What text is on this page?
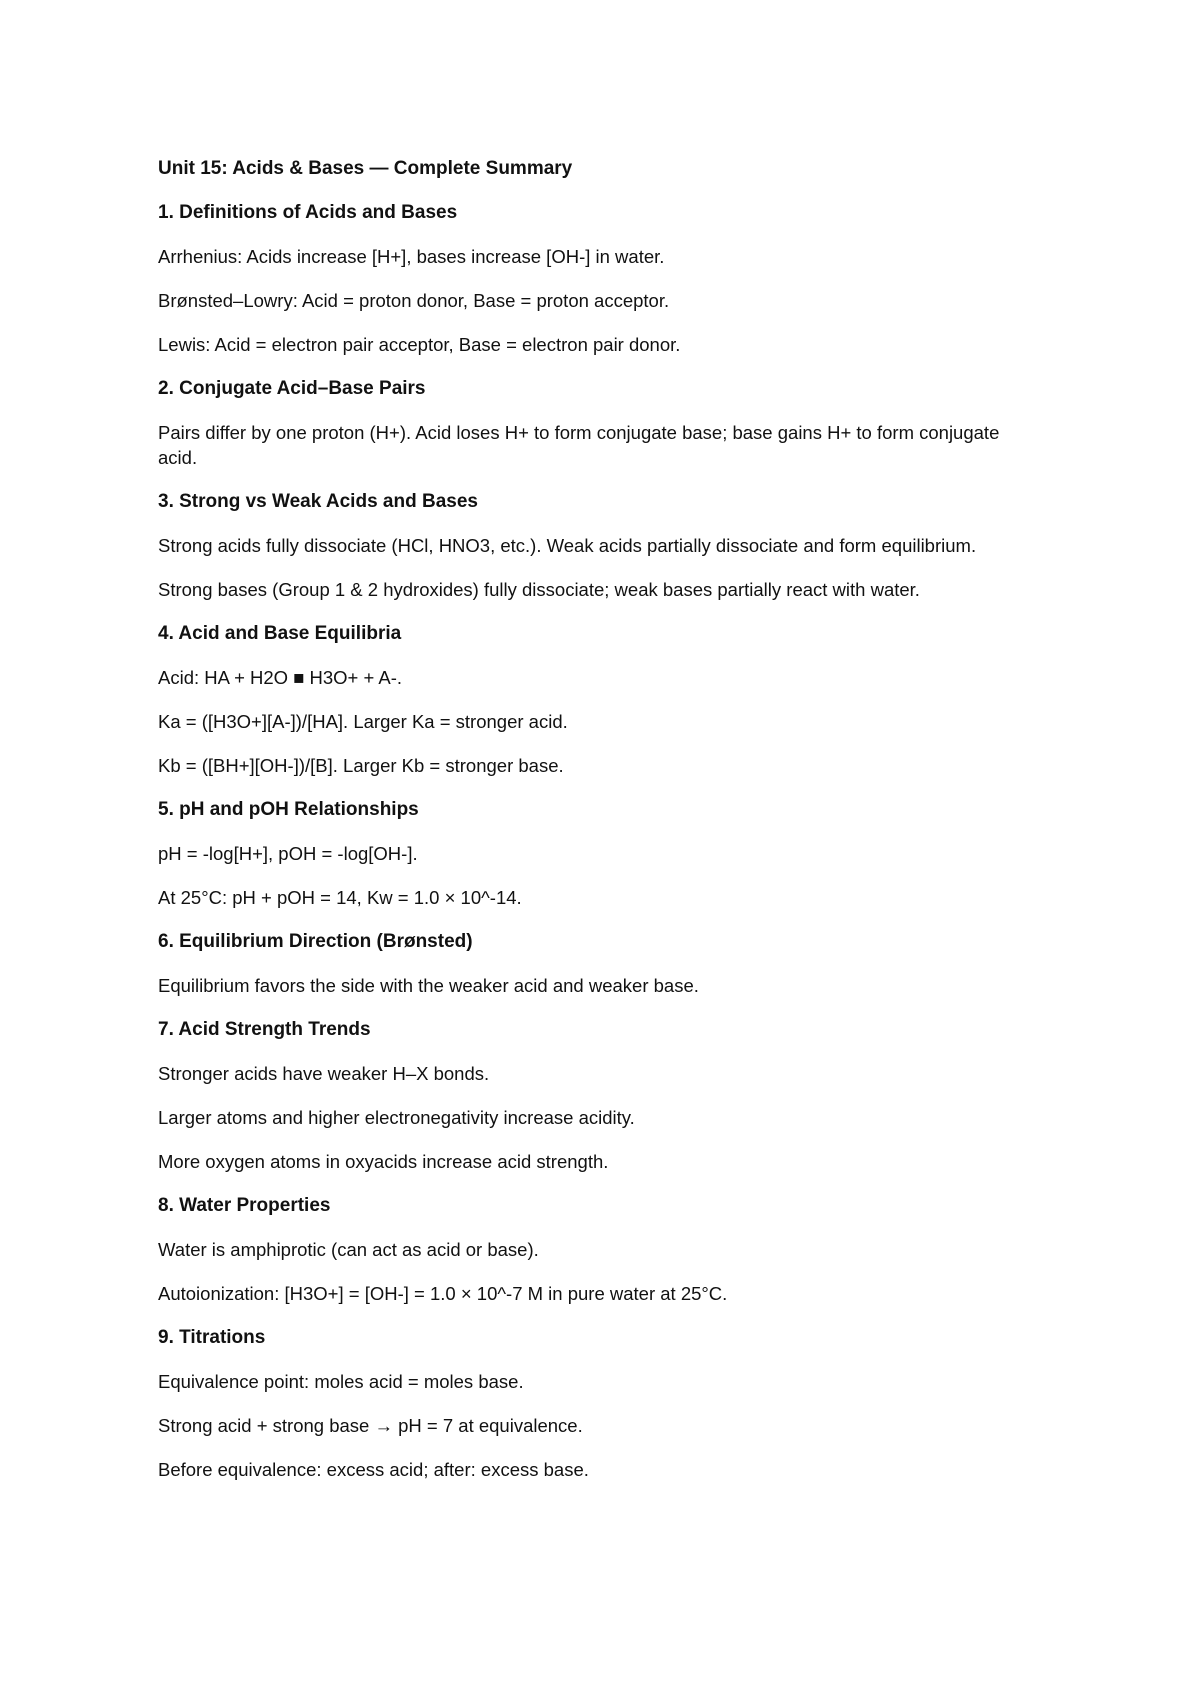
Unit 15: Acids & Bases — Complete Summary
1. Definitions of Acids and Bases
Arrhenius: Acids increase [H+], bases increase [OH-] in water.
Brønsted–Lowry: Acid = proton donor, Base = proton acceptor.
Lewis: Acid = electron pair acceptor, Base = electron pair donor.
2. Conjugate Acid–Base Pairs
Pairs differ by one proton (H+). Acid loses H+ to form conjugate base; base gains H+ to form conjugate acid.
3. Strong vs Weak Acids and Bases
Strong acids fully dissociate (HCl, HNO3, etc.). Weak acids partially dissociate and form equilibrium.
Strong bases (Group 1 & 2 hydroxides) fully dissociate; weak bases partially react with water.
4. Acid and Base Equilibria
Acid: HA + H2O ■ H3O+ + A-.
Ka = ([H3O+][A-])/[HA]. Larger Ka = stronger acid.
Kb = ([BH+][OH-])/[B]. Larger Kb = stronger base.
5. pH and pOH Relationships
pH = -log[H+], pOH = -log[OH-].
At 25°C: pH + pOH = 14, Kw = 1.0 × 10^-14.
6. Equilibrium Direction (Brønsted)
Equilibrium favors the side with the weaker acid and weaker base.
7. Acid Strength Trends
Stronger acids have weaker H–X bonds.
Larger atoms and higher electronegativity increase acidity.
More oxygen atoms in oxyacids increase acid strength.
8. Water Properties
Water is amphiprotic (can act as acid or base).
Autoionization: [H3O+] = [OH-] = 1.0 × 10^-7 M in pure water at 25°C.
9. Titrations
Equivalence point: moles acid = moles base.
Strong acid + strong base → pH = 7 at equivalence.
Before equivalence: excess acid; after: excess base.
